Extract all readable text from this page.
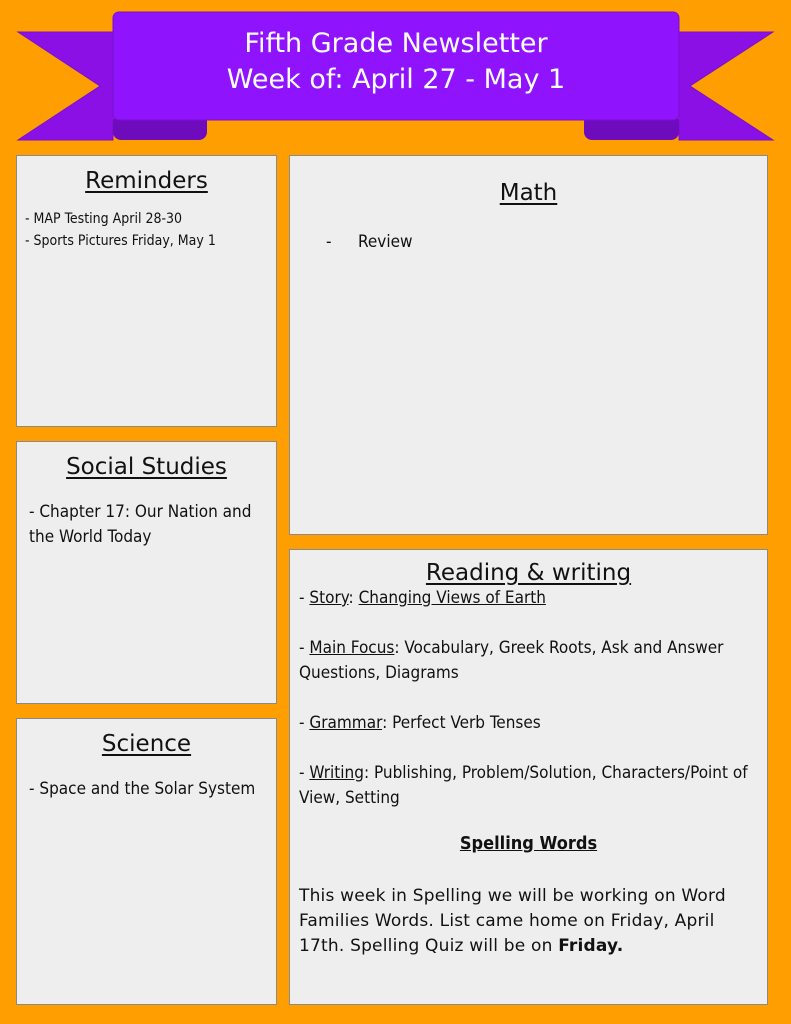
Fifth Grade Newsletter
Week of: April 27 - May 1
Reminders
- MAP Testing April 28-30
- Sports Pictures Friday, May 1
Math
- Review
Social Studies

- Chapter 17: Our Nation and the World Today

Science

- Space and the Solar System

Reading & writing

- Story: Changing Views of Earth

- Main Focus: Vocabulary, Greek Roots, Ask and Answer Questions, Diagrams

- Grammar: Perfect Verb Tenses

- Writing: Publishing, Problem/Solution, Characters/Point of View, Setting

Spelling Words

This week in Spelling we will be working on Word Families Words. List came home on Friday, April 17th. Spelling Quiz will be on Friday.
